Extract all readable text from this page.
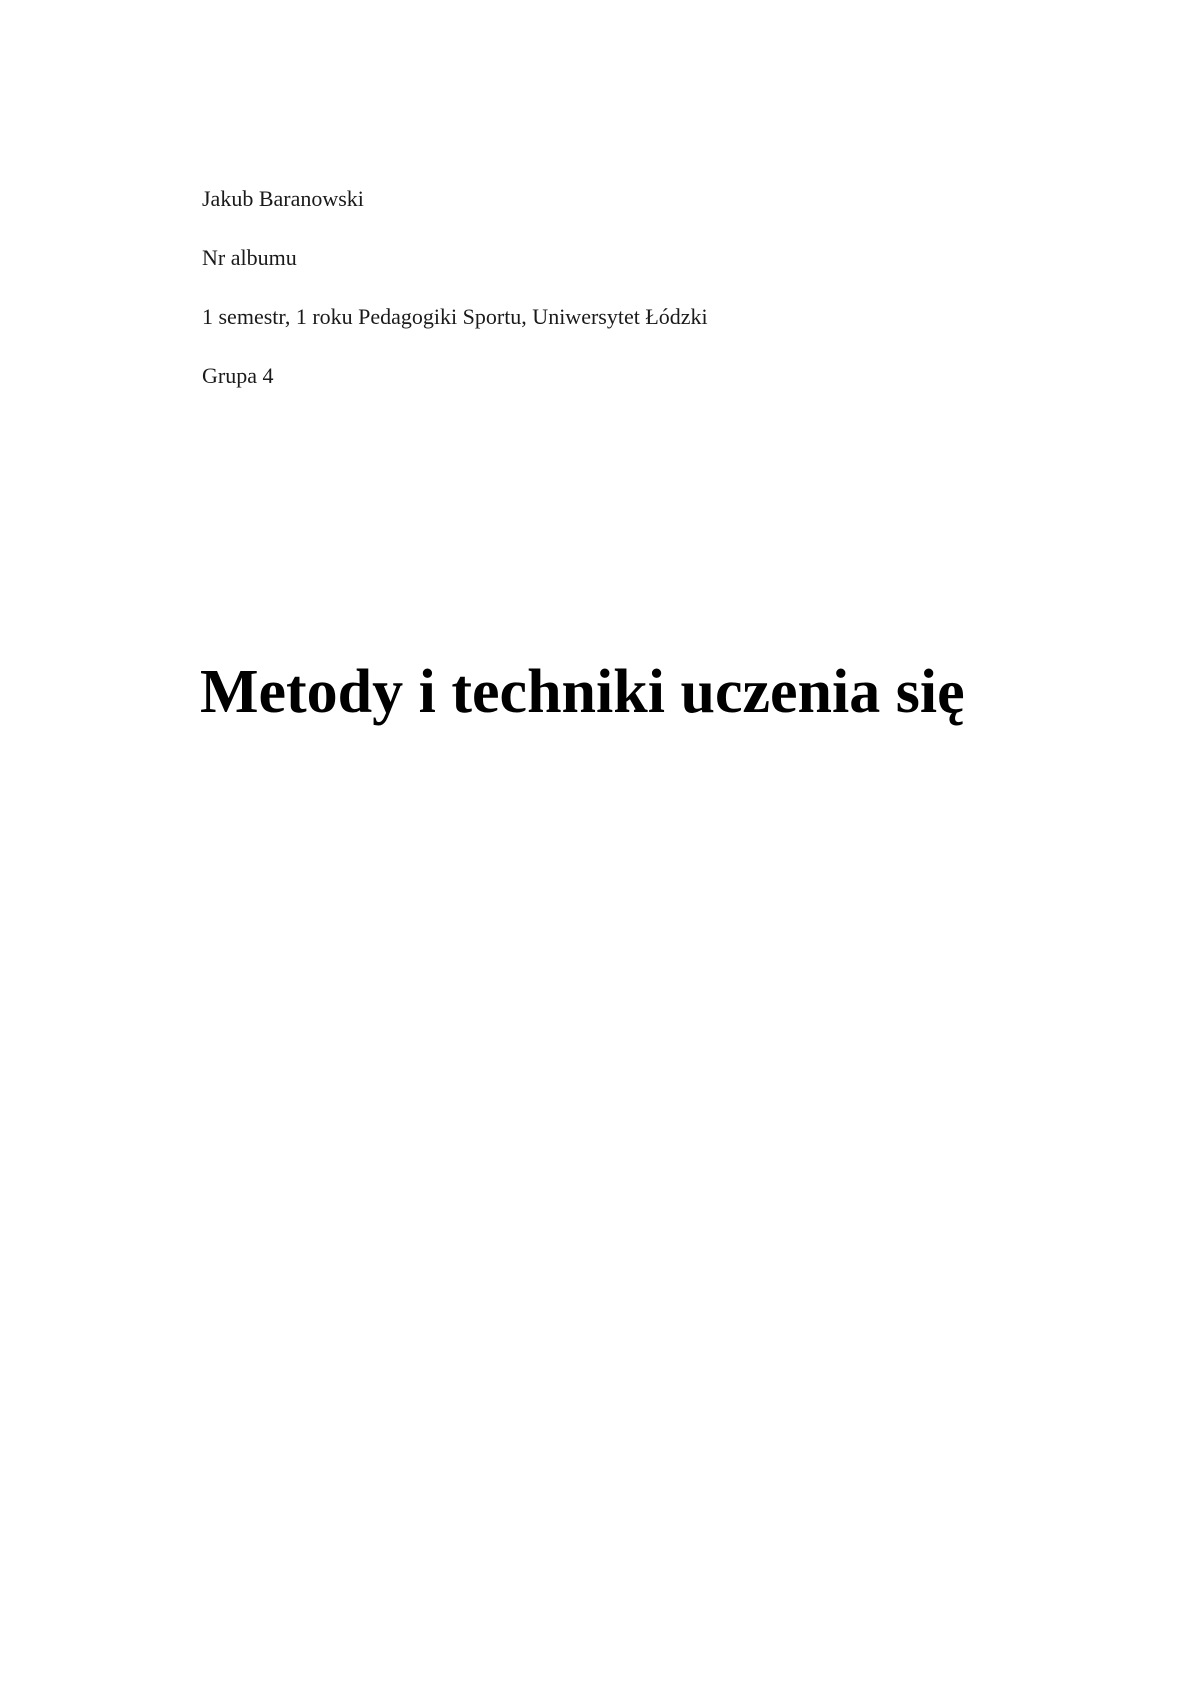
Jakub Baranowski
Nr albumu
1 semestr, 1 roku Pedagogiki Sportu, Uniwersytet Łódzki
Grupa 4
Metody i techniki uczenia się
